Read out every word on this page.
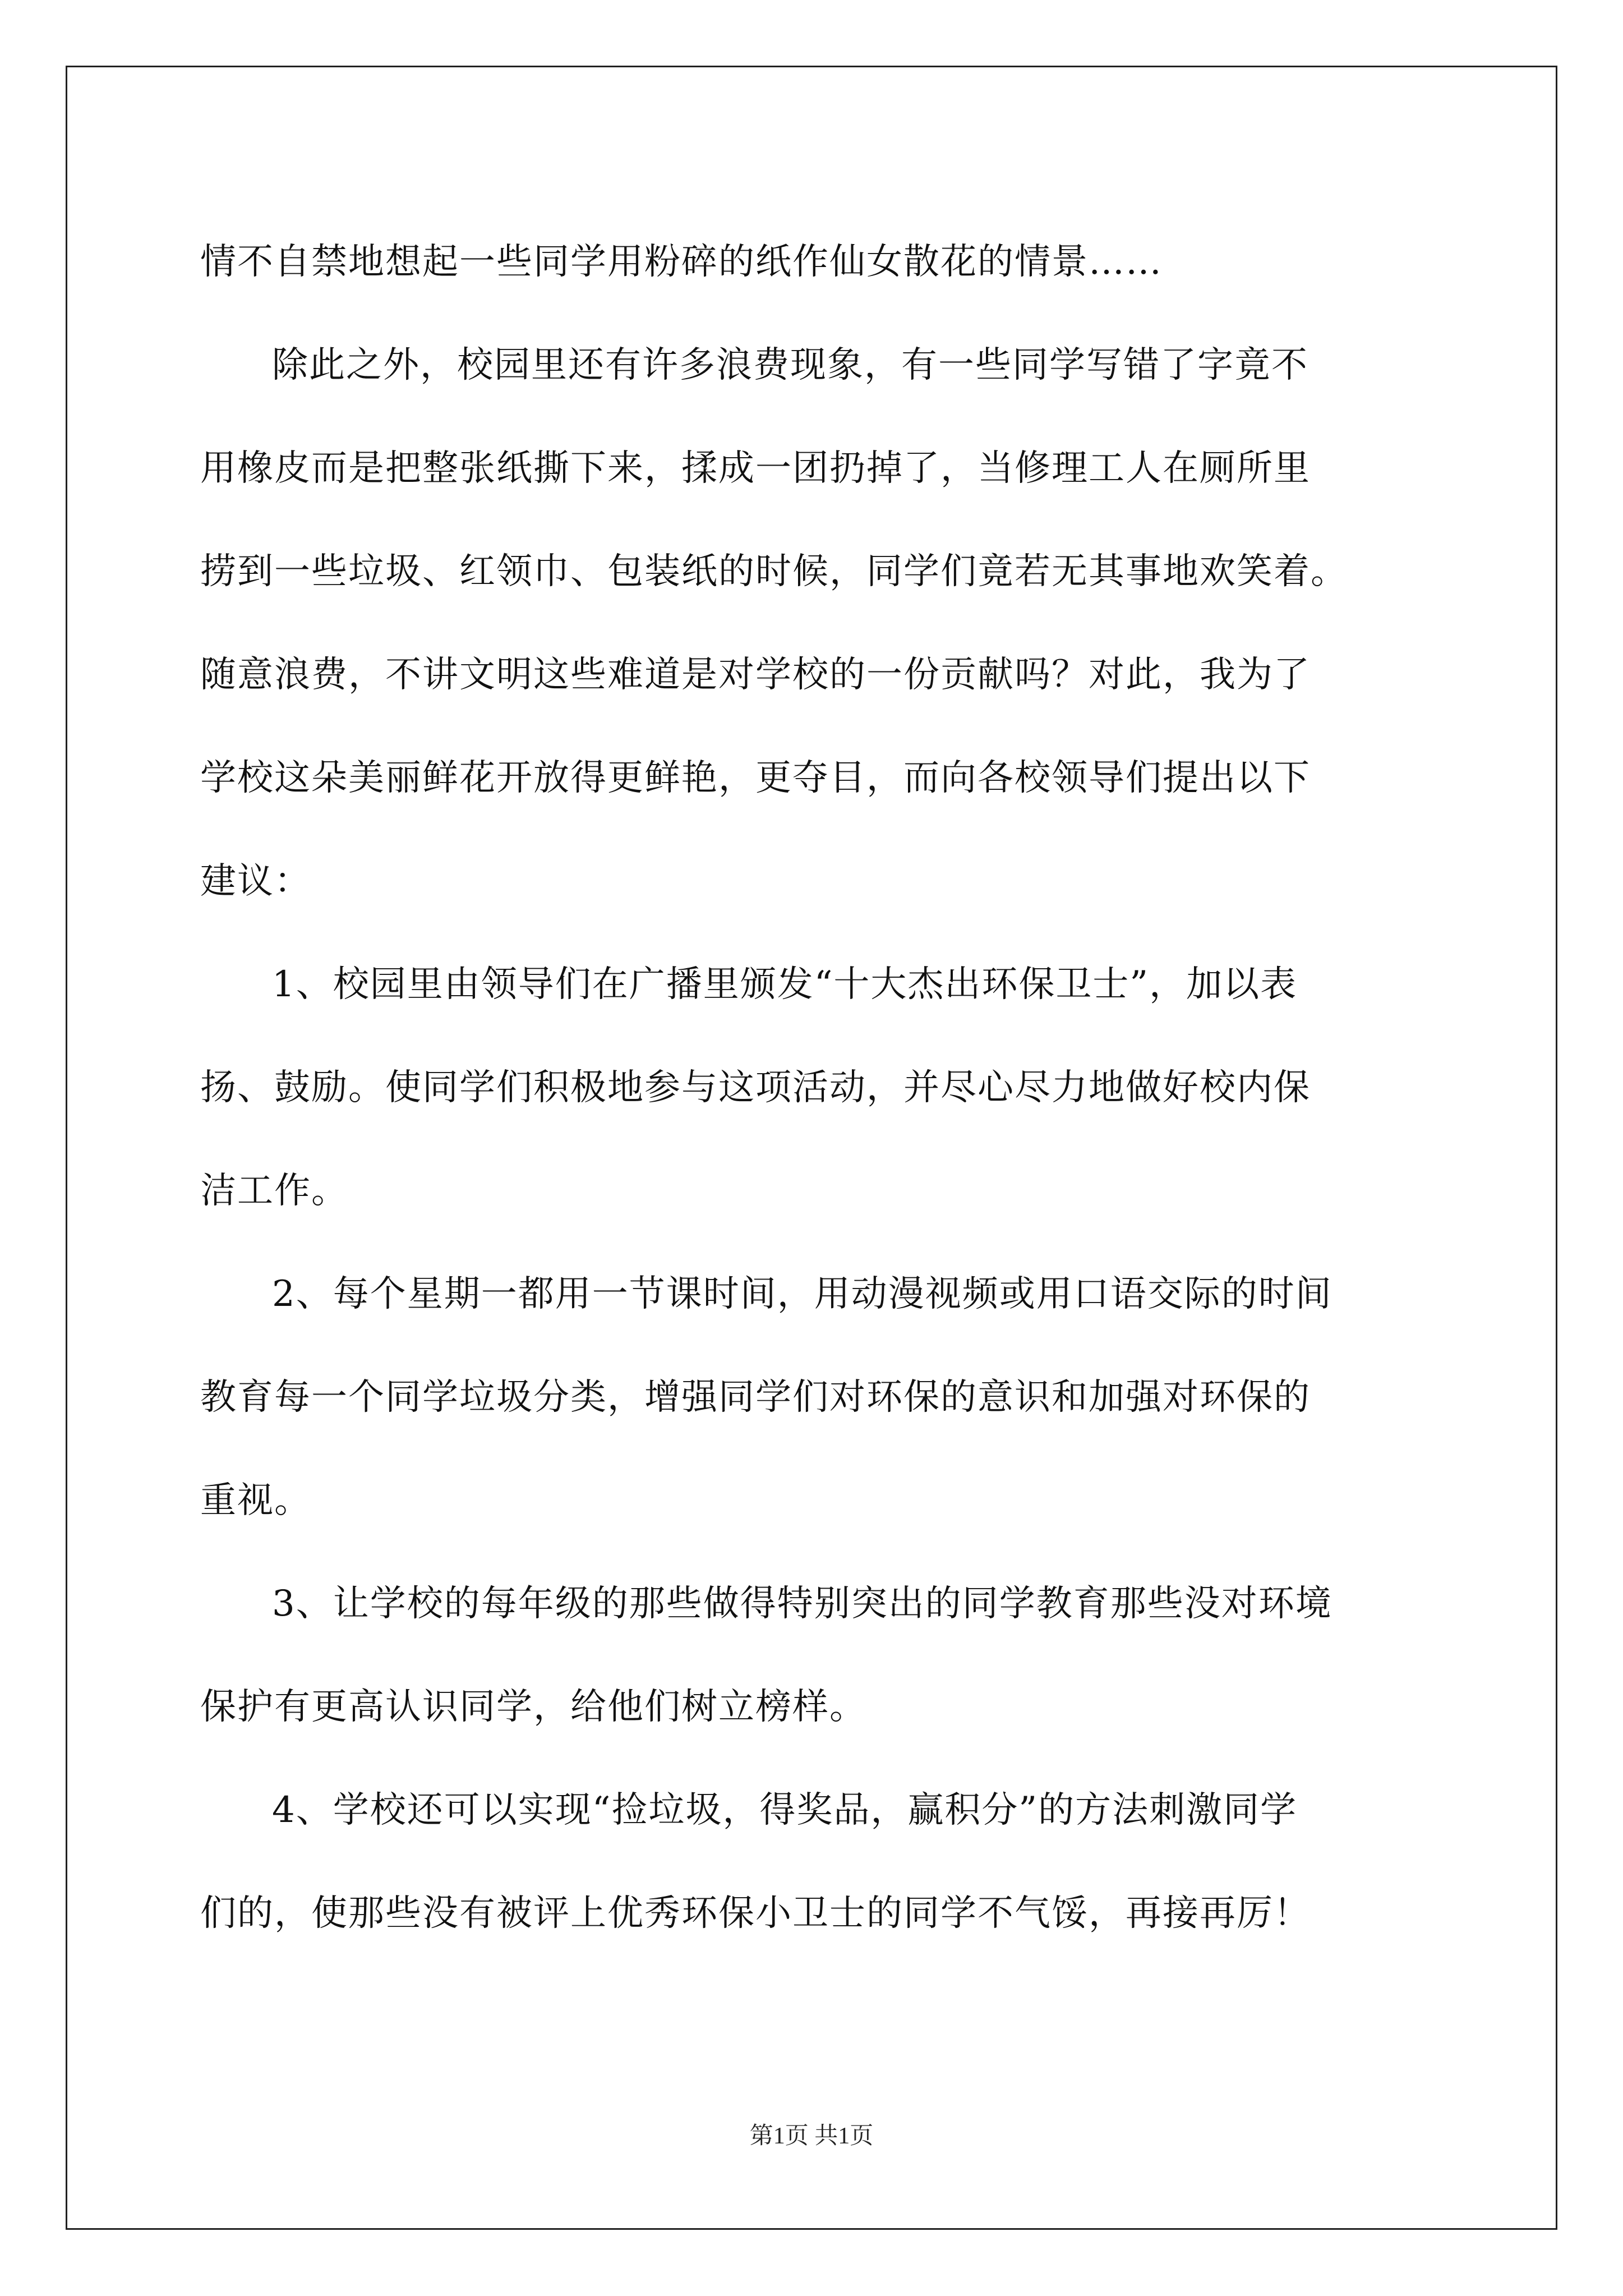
情不自禁地想起一些同学用粉碎的纸作仙女散花的情景……
除此之外，校园里还有许多浪费现象，有一些同学写错了字竟不
用橡皮而是把整张纸撕下来，揉成一团扔掉了，当修理工人在厕所里
捞到一些垃圾、红领巾、包装纸的时候，同学们竟若无其事地欢笑着。
随意浪费，不讲文明这些难道是对学校的一份贡献吗？对此，我为了
学校这朵美丽鲜花开放得更鲜艳，更夺目，而向各校领导们提出以下
建议：
1、校园里由领导们在广播里颁发“十大杰出环保卫士”，加以表
扬、鼓励。使同学们积极地参与这项活动，并尽心尽力地做好校内保
洁工作。
2、每个星期一都用一节课时间，用动漫视频或用口语交际的时间
教育每一个同学垃圾分类，增强同学们对环保的意识和加强对环保的
重视。
3、让学校的每年级的那些做得特别突出的同学教育那些没对环境
保护有更高认识同学，给他们树立榜样。
4、学校还可以实现“捡垃圾，得奖品，赢积分”的方法刺激同学
们的，使那些没有被评上优秀环保小卫士的同学不气馁，再接再厉！
第1页 共1页
